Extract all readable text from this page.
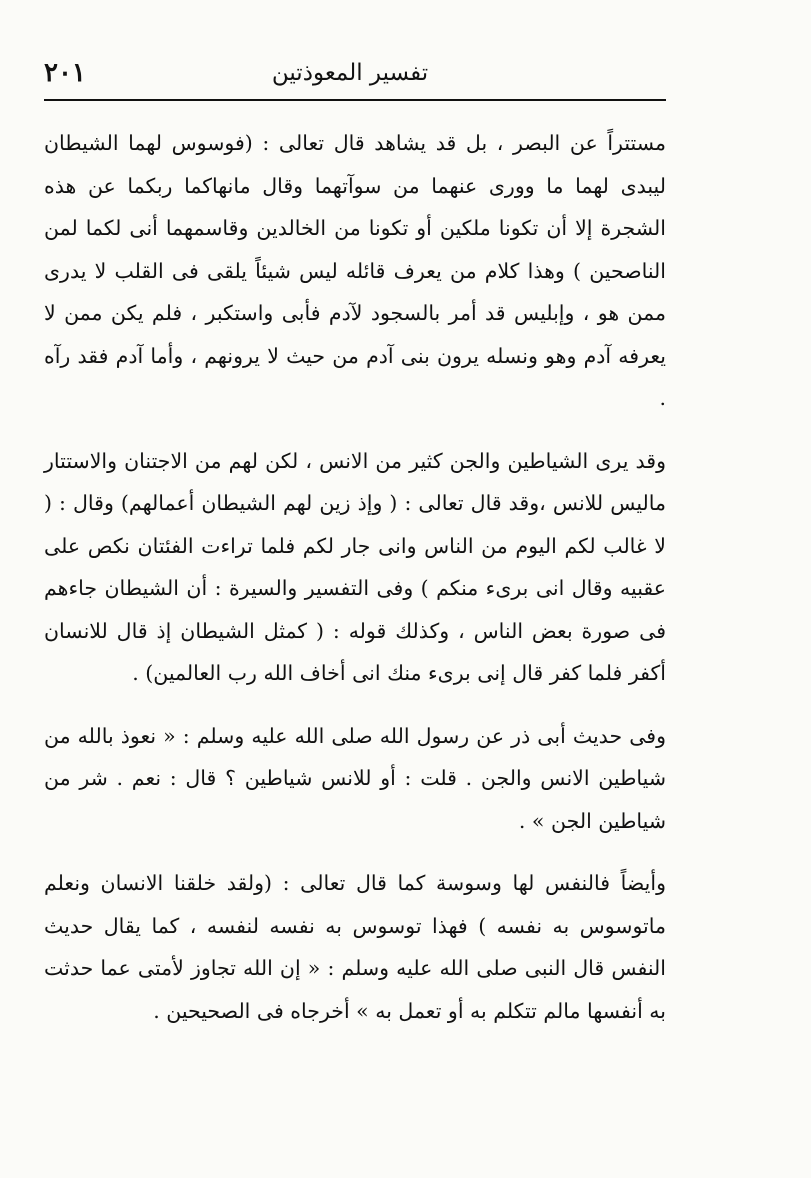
٢٠١	تفسير المعوذتين

مستتراً عن البصر ، بل قد يشاهد قال تعالى : (فوسوس لهما الشيطان ليبدى لهما ما وورى عنهما من سوآتهما وقال مانهاكما ربكما عن هذه الشجرة إلا أن تكونا ملكين أو تكونا من الخالدين وقاسمهما أنى لكما لمن الناصحين ) وهذا كلام من يعرف قائله ليس شيئاً يلقى فى القلب لا يدرى ممن هو ، وإبليس قد أمر بالسجود لآدم فأبى واستكبر ، فلم يكن ممن لا يعرفه آدم وهو ونسله يرون بنى آدم من حيث لا يرونهم ، وأما آدم فقد رآه .

وقد يرى الشياطين والجن كثير من الانس ، لكن لهم من الاجتنان والاستتار ماليس للانس ،وقد قال تعالى : ( وإذ زين لهم الشيطان أعمالهم) وقال : ( لا غالب لكم اليوم من الناس وانى جار لكم فلما تراءت الفئتان نكص على عقبيه وقال انى برىء منكم ) وفى التفسير والسيرة : أن الشيطان جاءهم فى صورة بعض الناس ، وكذلك قوله : ( كمثل الشيطان إذ قال للانسان أكفر فلما كفر قال إنى برىء منك انى أخاف الله رب العالمين) .

وفى حديث أبى ذر عن رسول الله صلى الله عليه وسلم : « نعوذ بالله من شياطين الانس والجن . قلت : أو للانس شياطين ؟ قال : نعم . شر من شياطين الجن » .

وأيضاً فالنفس لها وسوسة كما قال تعالى : (ولقد خلقنا الانسان ونعلم ماتوسوس به نفسه ) فهذا توسوس به نفسه لنفسه ، كما يقال حديث النفس قال النبى صلى الله عليه وسلم : « إن الله تجاوز لأمتى عما حدثت به أنفسها مالم تتكلم به أو تعمل به » أخرجاه فى الصحيحين .
